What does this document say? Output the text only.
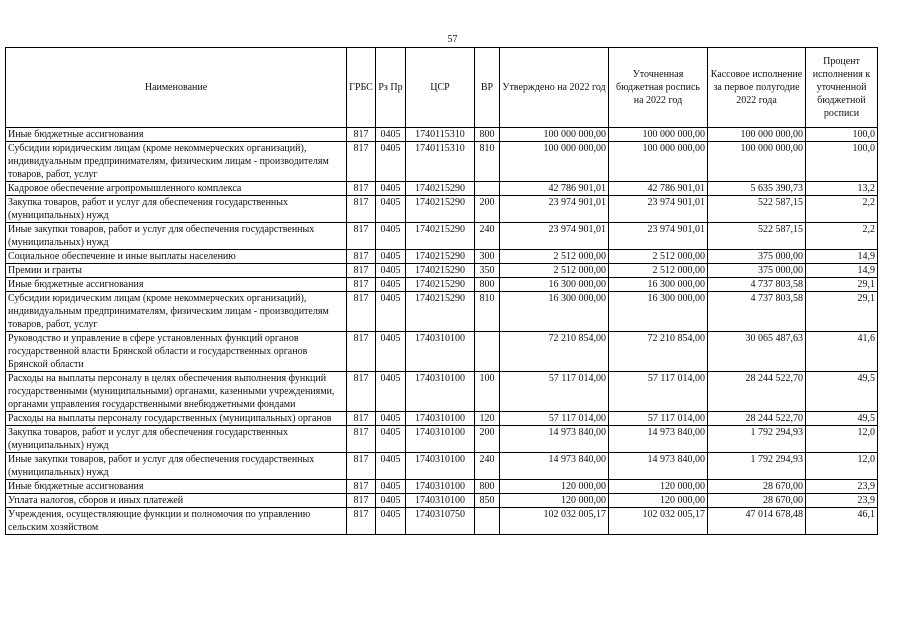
57
Наименование	ГРБС	Рз Пр	ЦСР	ВР	Утверждено на 2022 год	Уточненная бюджетная роспись на 2022 год	Кассовое исполнение за первое полугодие 2022 года	Процент исполнения к уточненной бюджетной росписи
Иные бюджетные ассигнования	817	0405	1740115310	800	100 000 000,00	100 000 000,00	100 000 000,00	100,0
Субсидии юридическим лицам (кроме некоммерческих организаций), индивидуальным предпринимателям, физическим лицам - производителям товаров, работ, услуг	817	0405	1740115310	810	100 000 000,00	100 000 000,00	100 000 000,00	100,0
Кадровое обеспечение агропромышленного комплекса	817	0405	1740215290		42 786 901,01	42 786 901,01	5 635 390,73	13,2
Закупка товаров, работ и услуг для обеспечения государственных (муниципальных) нужд	817	0405	1740215290	200	23 974 901,01	23 974 901,01	522 587,15	2,2
Иные закупки товаров, работ и услуг для обеспечения государственных (муниципальных) нужд	817	0405	1740215290	240	23 974 901,01	23 974 901,01	522 587,15	2,2
Социальное обеспечение и иные выплаты населению	817	0405	1740215290	300	2 512 000,00	2 512 000,00	375 000,00	14,9
Премии и гранты	817	0405	1740215290	350	2 512 000,00	2 512 000,00	375 000,00	14,9
Иные бюджетные ассигнования	817	0405	1740215290	800	16 300 000,00	16 300 000,00	4 737 803,58	29,1
Субсидии юридическим лицам (кроме некоммерческих организаций), индивидуальным предпринимателям, физическим лицам - производителям товаров, работ, услуг	817	0405	1740215290	810	16 300 000,00	16 300 000,00	4 737 803,58	29,1
Руководство и управление в сфере установленных функций органов государственной власти Брянской области и государственных органов Брянской области	817	0405	1740310100		72 210 854,00	72 210 854,00	30 065 487,63	41,6
Расходы на выплаты персоналу в целях обеспечения выполнения функций государственными (муниципальными) органами, казенными учреждениями, органами управления государственными внебюджетными фондами	817	0405	1740310100	100	57 117 014,00	57 117 014,00	28 244 522,70	49,5
Расходы на выплаты персоналу государственных (муниципальных) органов	817	0405	1740310100	120	57 117 014,00	57 117 014,00	28 244 522,70	49,5
Закупка товаров, работ и услуг для обеспечения государственных (муниципальных) нужд	817	0405	1740310100	200	14 973 840,00	14 973 840,00	1 792 294,93	12,0
Иные закупки товаров, работ и услуг для обеспечения государственных (муниципальных) нужд	817	0405	1740310100	240	14 973 840,00	14 973 840,00	1 792 294,93	12,0
Иные бюджетные ассигнования	817	0405	1740310100	800	120 000,00	120 000,00	28 670,00	23,9
Уплата налогов, сборов и иных платежей	817	0405	1740310100	850	120 000,00	120 000,00	28 670,00	23,9
Учреждения, осуществляющие функции и полномочия по управлению сельским хозяйством	817	0405	1740310750		102 032 005,17	102 032 005,17	47 014 678,48	46,1
